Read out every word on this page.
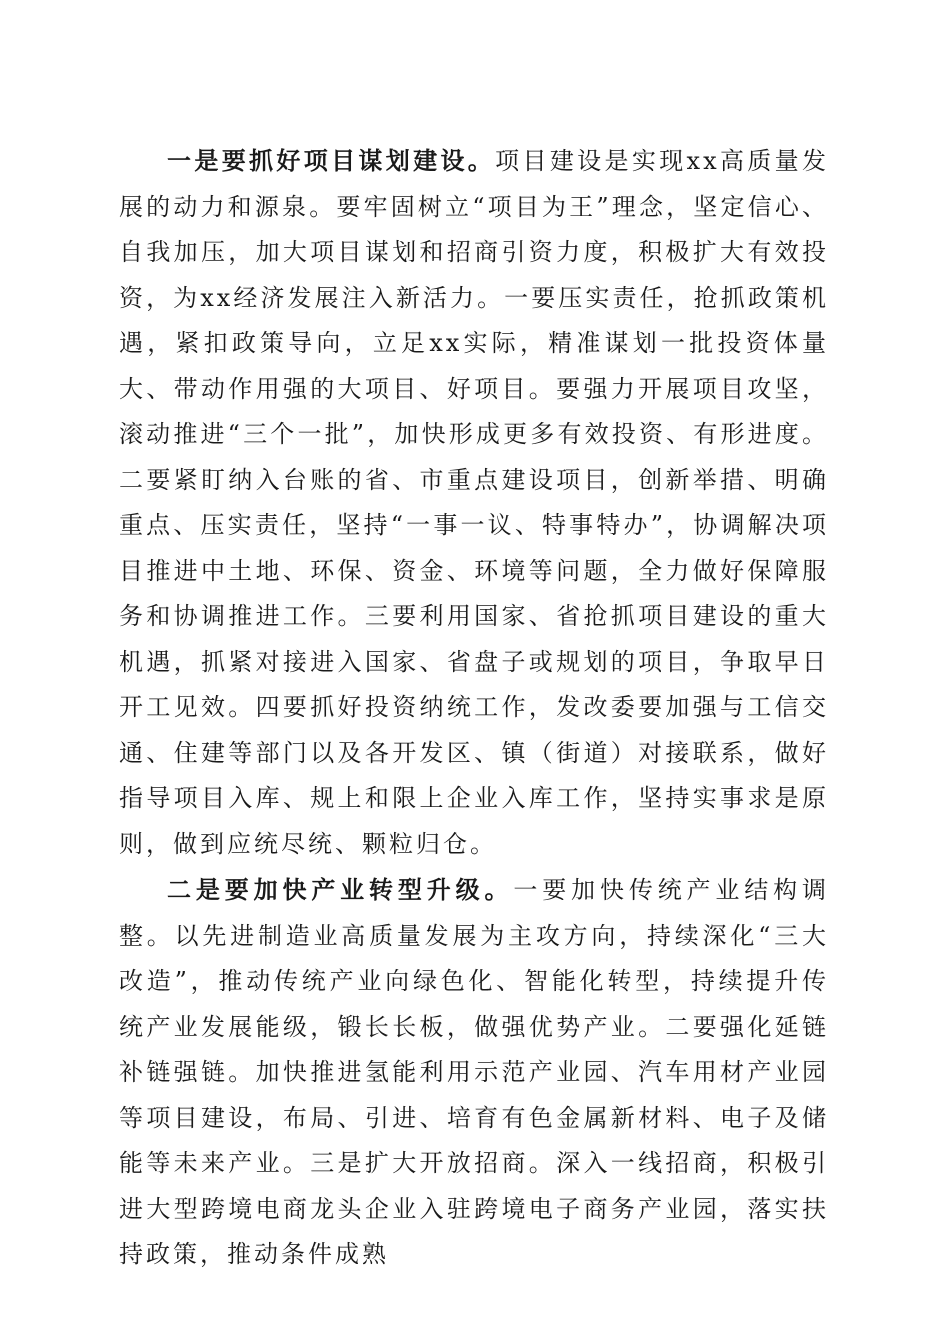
一是要抓好项目谋划建设。项目建设是实现xx高质量发展的动力和源泉。要牢固树立“项目为王”理念，坚定信心、自我加压，加大项目谋划和招商引资力度，积极扩大有效投资，为xx经济发展注入新活力。一要压实责任，抢抓政策机遇，紧扣政策导向，立足xx实际，精准谋划一批投资体量大、带动作用强的大项目、好项目。要强力开展项目攻坚，滚动推进“三个一批”，加快形成更多有效投资、有形进度。二要紧盯纳入台账的省、市重点建设项目，创新举措、明确重点、压实责任，坚持“一事一议、特事特办”，协调解决项目推进中土地、环保、资金、环境等问题，全力做好保障服务和协调推进工作。三要利用国家、省抢抓项目建设的重大机遇，抓紧对接进入国家、省盘子或规划的项目，争取早日开工见效。四要抓好投资纳统工作，发改委要加强与工信交通、住建等部门以及各开发区、镇（街道）对接联系，做好指导项目入库、规上和限上企业入库工作，坚持实事求是原则，做到应统尽统、颗粒归仓。

二是要加快产业转型升级。一要加快传统产业结构调整。以先进制造业高质量发展为主攻方向，持续深化“三大改造”，推动传统产业向绿色化、智能化转型，持续提升传统产业发展能级，锻长长板，做强优势产业。二要强化延链补链强链。加快推进氢能利用示范产业园、汽车用材产业园等项目建设，布局、引进、培育有色金属新材料、电子及储能等未来产业。三是扩大开放招商。深入一线招商，积极引进大型跨境电商龙头企业入驻跨境电子商务产业园，落实扶持政策，推动条件成熟
